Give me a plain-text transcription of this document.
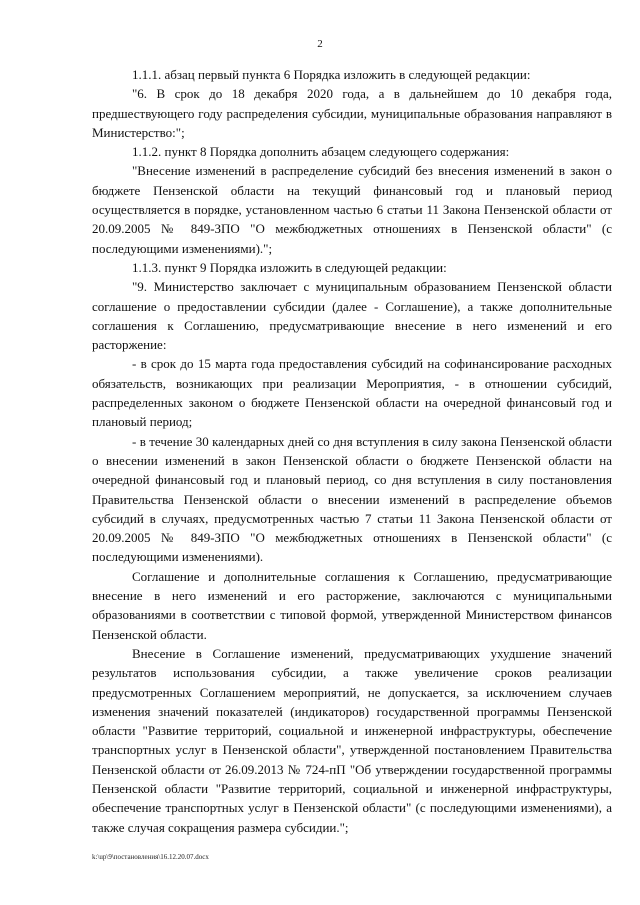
2

1.1.1. абзац первый пункта 6 Порядка изложить в следующей редакции:

"6. В срок до 18 декабря 2020 года, а в дальнейшем до 10 декабря года, предшествующего году распределения субсидии, муниципальные образования направляют в Министерство:";

1.1.2. пункт 8 Порядка дополнить абзацем следующего содержания:

"Внесение изменений в распределение субсидий без внесения изменений в закон о бюджете Пензенской области на текущий финансовый год и плановый период осуществляется в порядке, установленном частью 6 статьи 11 Закона Пензенской области от 20.09.2005 № 849-ЗПО "О межбюджетных отношениях в Пензенской области" (с последующими изменениями).";

1.1.3. пункт 9 Порядка изложить в следующей редакции:

"9. Министерство заключает с муниципальным образованием Пензенской области соглашение о предоставлении субсидии (далее - Соглашение), а также дополнительные соглашения к Соглашению, предусматривающие внесение в него изменений и его расторжение:

- в срок до 15 марта года предоставления субсидий на софинансирование расходных обязательств, возникающих при реализации Мероприятия, - в отношении субсидий, распределенных законом о бюджете Пензенской области на очередной финансовый год и плановый период;

- в течение 30 календарных дней со дня вступления в силу закона Пензенской области о внесении изменений в закон Пензенской области о бюджете Пензенской области на очередной финансовый год и плановый период, со дня вступления в силу постановления Правительства Пензенской области о внесении изменений в распределение объемов субсидий в случаях, предусмотренных частью 7 статьи 11 Закона Пензенской области от 20.09.2005 № 849-ЗПО "О межбюджетных отношениях в Пензенской области" (с последующими изменениями).

Соглашение и дополнительные соглашения к Соглашению, предусматривающие внесение в него изменений и его расторжение, заключаются с муниципальными образованиями в соответствии с типовой формой, утвержденной Министерством финансов Пензенской области.

Внесение в Соглашение изменений, предусматривающих ухудшение значений результатов использования субсидии, а также увеличение сроков реализации предусмотренных Соглашением мероприятий, не допускается, за исключением случаев изменения значений показателей (индикаторов) государственной программы Пензенской области "Развитие территорий, социальной и инженерной инфраструктуры, обеспечение транспортных услуг в Пензенской области", утвержденной постановлением Правительства Пензенской области от 26.09.2013 № 724-пП "Об утверждении государственной программы Пензенской области "Развитие территорий, социальной и инженерной инфраструктуры, обеспечение транспортных услуг в Пензенской области" (с последующими изменениями), а также случая сокращения размера субсидии.";

k:\up\9\постановления\16.12.20.07.docx
